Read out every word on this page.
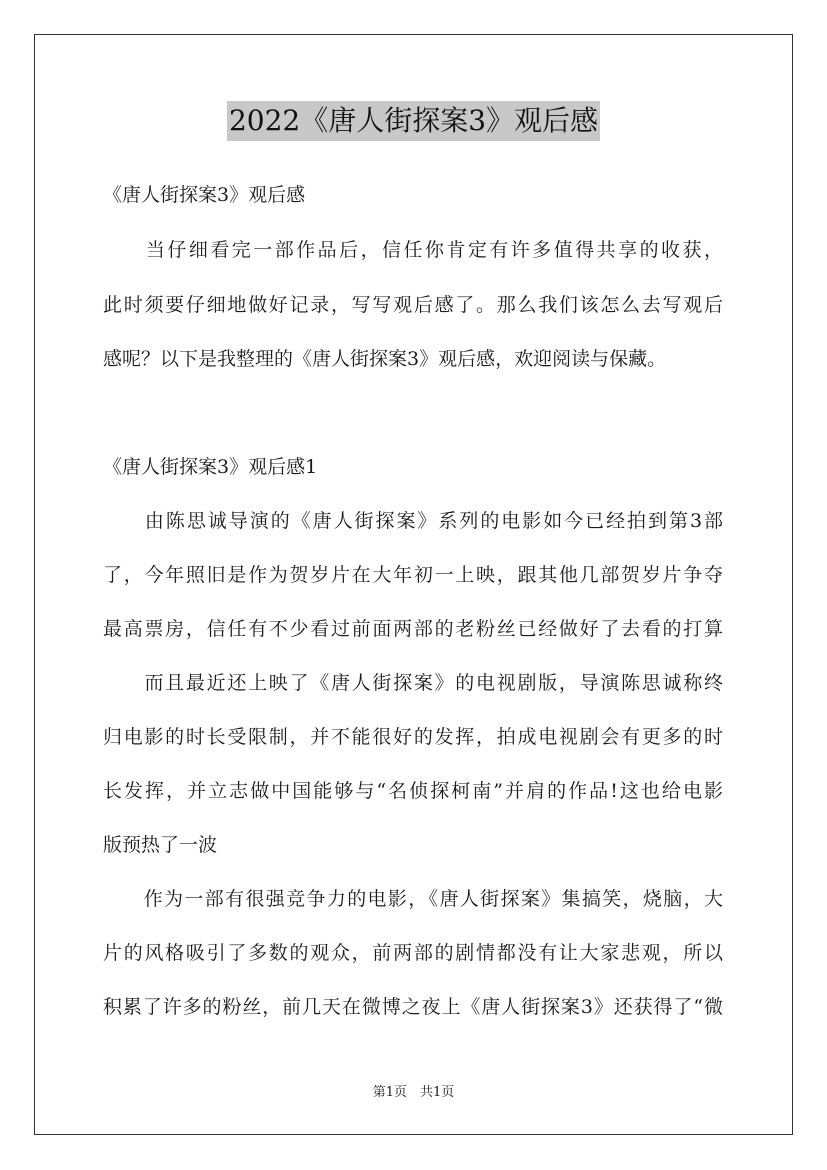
2022《唐人街探案3》观后感
《唐人街探案3》观后感
　　当仔细看完一部作品后，信任你肯定有许多值得共享的收获，
此时须要仔细地做好记录，写写观后感了。那么我们该怎么去写观后
感呢？以下是我整理的《唐人街探案3》观后感，欢迎阅读与保藏。
《唐人街探案3》观后感1
　　由陈思诚导演的《唐人街探案》系列的电影如今已经拍到第3部
了，今年照旧是作为贺岁片在大年初一上映，跟其他几部贺岁片争夺
最高票房，信任有不少看过前面两部的老粉丝已经做好了去看的打算
　　而且最近还上映了《唐人街探案》的电视剧版，导演陈思诚称终
归电影的时长受限制，并不能很好的发挥，拍成电视剧会有更多的时
长发挥，并立志做中国能够与“名侦探柯南”并肩的作品!这也给电影
版预热了一波
　　作为一部有很强竞争力的电影，《唐人街探案》集搞笑，烧脑，大
片的风格吸引了多数的观众，前两部的剧情都没有让大家悲观，所以
积累了许多的粉丝，前几天在微博之夜上《唐人街探案3》还获得了“微
第1页　共1页
